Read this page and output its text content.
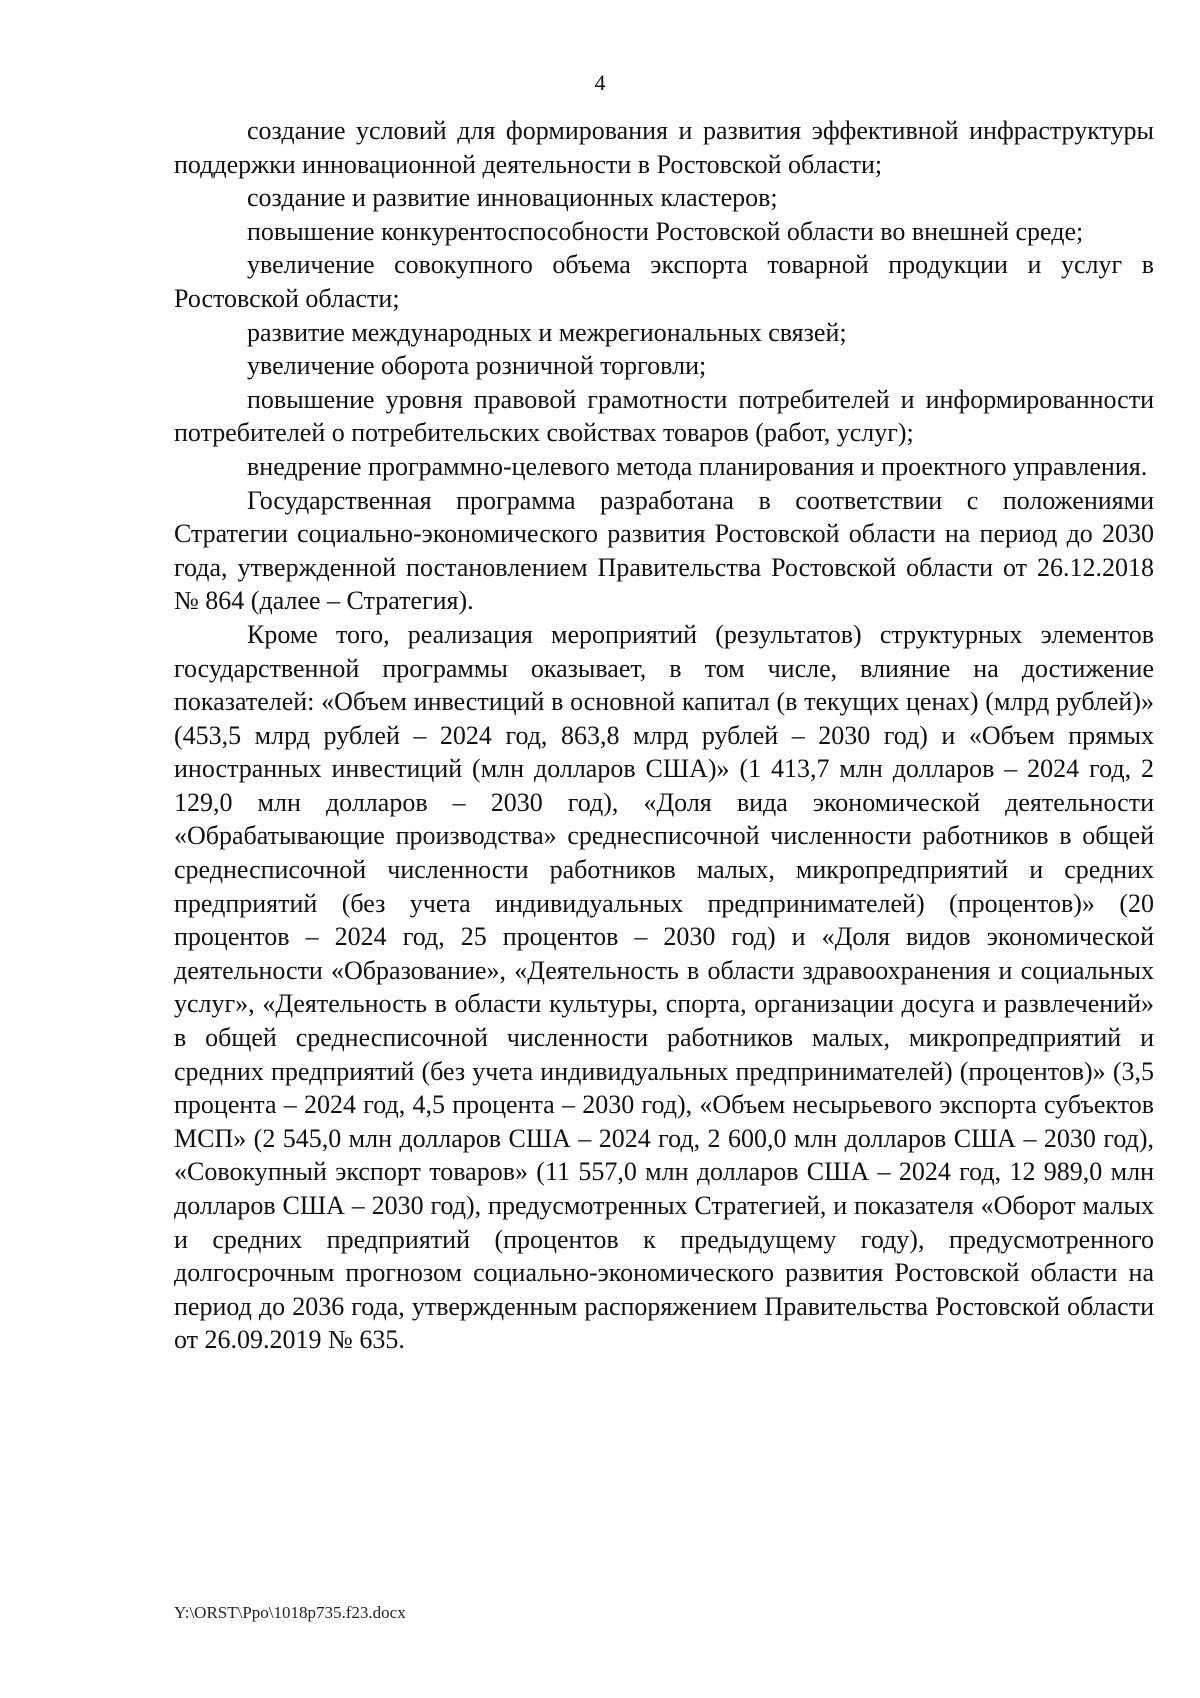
4

создание условий для формирования и развития эффективной инфраструктуры поддержки инновационной деятельности в Ростовской области;

создание и развитие инновационных кластеров;

повышение конкурентоспособности Ростовской области во внешней среде;

увеличение совокупного объема экспорта товарной продукции и услуг в Ростовской области;

развитие международных и межрегиональных связей;

увеличение оборота розничной торговли;

повышение уровня правовой грамотности потребителей и информированности потребителей о потребительских свойствах товаров (работ, услуг);

внедрение программно-целевого метода планирования и проектного управления.

Государственная программа разработана в соответствии с положениями Стратегии социально-экономического развития Ростовской области на период до 2030 года, утвержденной постановлением Правительства Ростовской области от 26.12.2018 № 864 (далее – Стратегия).

Кроме того, реализация мероприятий (результатов) структурных элементов государственной программы оказывает, в том числе, влияние на достижение показателей: «Объем инвестиций в основной капитал (в текущих ценах) (млрд рублей)» (453,5 млрд рублей – 2024 год, 863,8 млрд рублей – 2030 год) и «Объем прямых иностранных инвестиций (млн долларов США)» (1 413,7 млн долларов – 2024 год, 2 129,0 млн долларов – 2030 год), «Доля вида экономической деятельности «Обрабатывающие производства» среднесписочной численности работников в общей среднесписочной численности работников малых, микропредприятий и средних предприятий (без учета индивидуальных предпринимателей) (процентов)» (20 процентов – 2024 год, 25 процентов – 2030 год) и «Доля видов экономической деятельности «Образование», «Деятельность в области здравоохранения и социальных услуг», «Деятельность в области культуры, спорта, организации досуга и развлечений» в общей среднесписочной численности работников малых, микропредприятий и средних предприятий (без учета индивидуальных предпринимателей) (процентов)» (3,5 процента – 2024 год, 4,5 процента – 2030 год), «Объем несырьевого экспорта субъектов МСП» (2 545,0 млн долларов США – 2024 год, 2 600,0 млн долларов США – 2030 год), «Совокупный экспорт товаров» (11 557,0 млн долларов США – 2024 год, 12 989,0 млн долларов США – 2030 год), предусмотренных Стратегией, и показателя «Оборот малых и средних предприятий (процентов к предыдущему году), предусмотренного долгосрочным прогнозом социально-экономического развития Ростовской области на период до 2036 года, утвержденным распоряжением Правительства Ростовской области от 26.09.2019 № 635.

Y:\ORST\Ppo\1018p735.f23.docx
